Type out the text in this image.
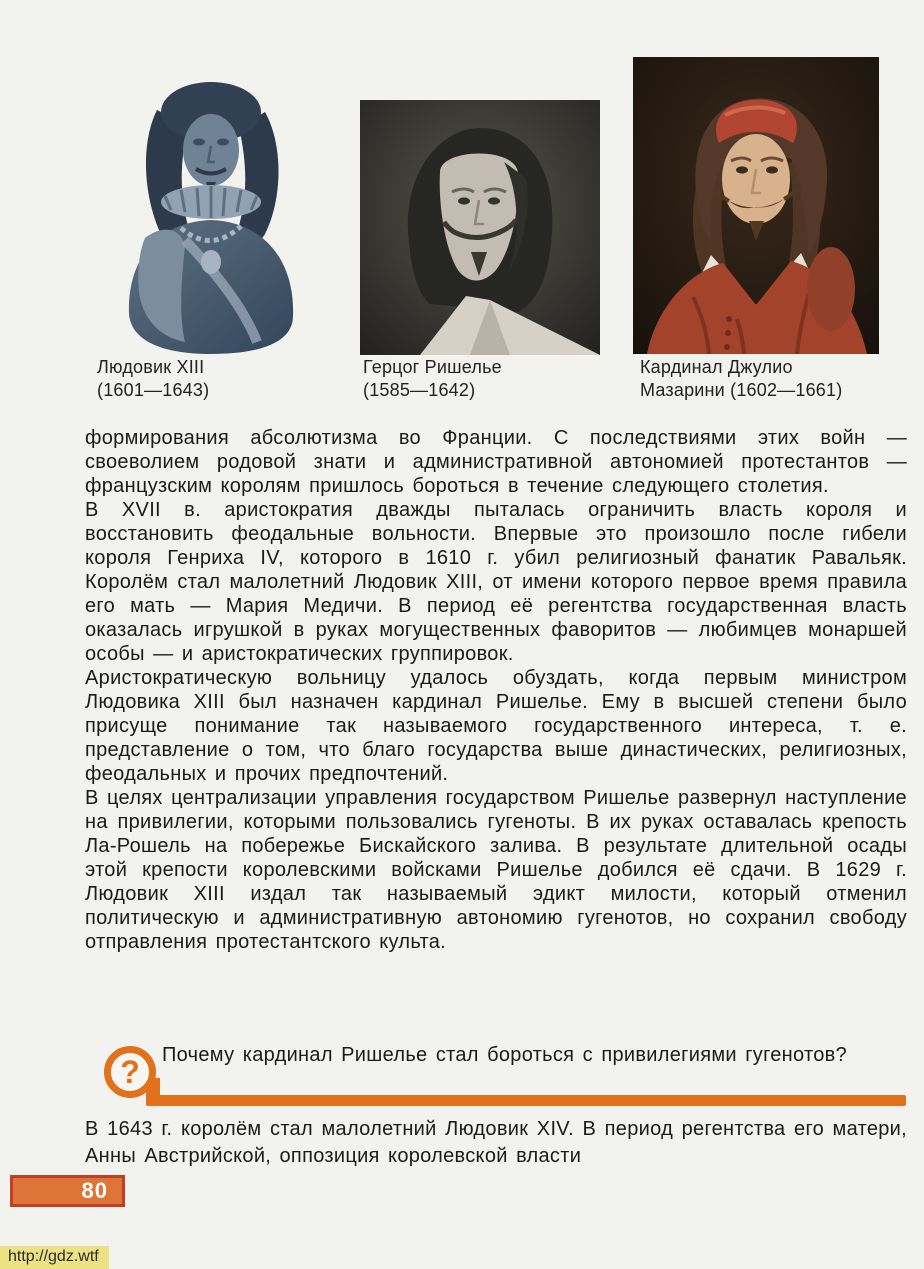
Людовик XIII
(1601—1643)
Герцог Ришелье
(1585—1642)
Кардинал Джулио
Мазарини (1602—1661)

формирования абсолютизма во Франции. С последствиями этих войн — своеволием родовой знати и административной автономией протестантов — французским королям пришлось бороться в течение следующего столетия.

В XVII в. аристократия дважды пыталась ограничить власть короля и восстановить феодальные вольности. Впервые это произошло после гибели короля Генриха IV, которого в 1610 г. убил религиозный фанатик Равальяк. Королём стал малолетний Людовик XIII, от имени которого первое время правила его мать — Мария Медичи. В период её регентства государственная власть оказалась игрушкой в руках могущественных фаворитов — любимцев монаршей особы — и аристократических группировок.

Аристократическую вольницу удалось обуздать, когда первым министром Людовика XIII был назначен кардинал Ришелье. Ему в высшей степени было присуще понимание так называемого государственного интереса, т. е. представление о том, что благо государства выше династических, религиозных, феодальных и прочих предпочтений.

В целях централизации управления государством Ришелье развернул наступление на привилегии, которыми пользовались гугеноты. В их руках оставалась крепость Ла-Рошель на побережье Бискайского залива. В результате длительной осады этой крепости королевскими войсками Ришелье добился её сдачи. В 1629 г. Людовик XIII издал так называемый эдикт милости, который отменил политическую и административную автономию гугенотов, но сохранил свободу отправления протестантского культа.

? Почему кардинал Ришелье стал бороться с привилегиями гугенотов?
В 1643 г. королём стал малолетний Людовик XIV. В период регентства его матери, Анны Австрийской, оппозиция королевской власти
80
http://gdz.wtf
